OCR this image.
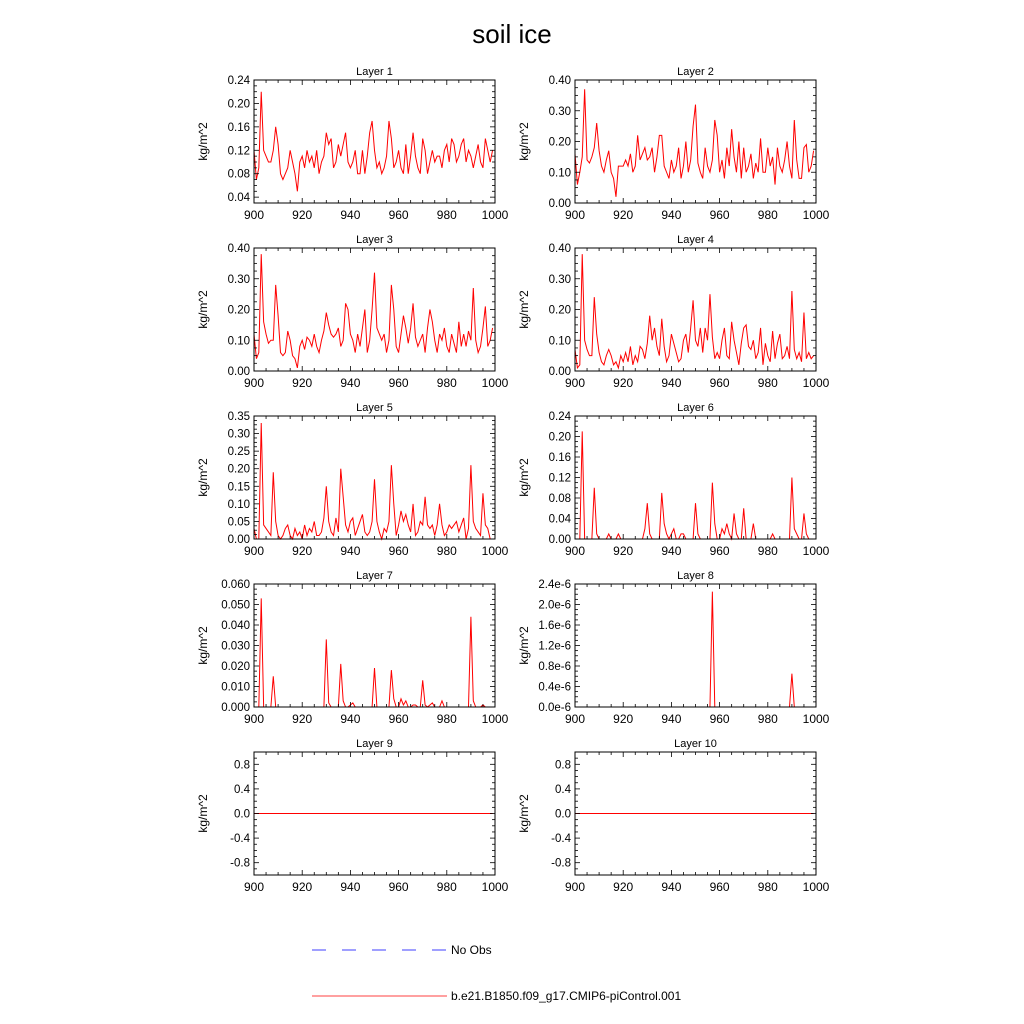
soil ice
Layer 1
900 920 940 960 980 1000
0.04
0.08
0.12
0.16
0.20
0.24
kg/m^2
Layer 2
900 920 940 960 980 1000
0.00
0.10
0.20
0.30
0.40
kg/m^2
Layer 3
900 920 940 960 980 1000
0.00
0.10
0.20
0.30
0.40
kg/m^2
Layer 4
900 920 940 960 980 1000
0.00
0.10
0.20
0.30
0.40
kg/m^2
Layer 5
900 920 940 960 980 1000
0.00
0.05
0.10
0.15
0.20
0.25
0.30
0.35
kg/m^2
Layer 6
900 920 940 960 980 1000
0.00
0.04
0.08
0.12
0.16
0.20
0.24
kg/m^2
Layer 7
900 920 940 960 980 1000
0.000
0.010
0.020
0.030
0.040
0.050
0.060
kg/m^2
Layer 8
900 920 940 960 980 1000
0.0e-6
0.4e-6
0.8e-6
1.2e-6
1.6e-6
2.0e-6
2.4e-6
kg/m^2
Layer 9
900 920 940 960 980 1000
-0.8
-0.4
0.0
0.4
0.8
kg/m^2
Layer 10
900 920 940 960 980 1000
-0.8
-0.4
0.0
0.4
0.8
kg/m^2
No Obs
b.e21.B1850.f09_g17.CMIP6-piControl.001
